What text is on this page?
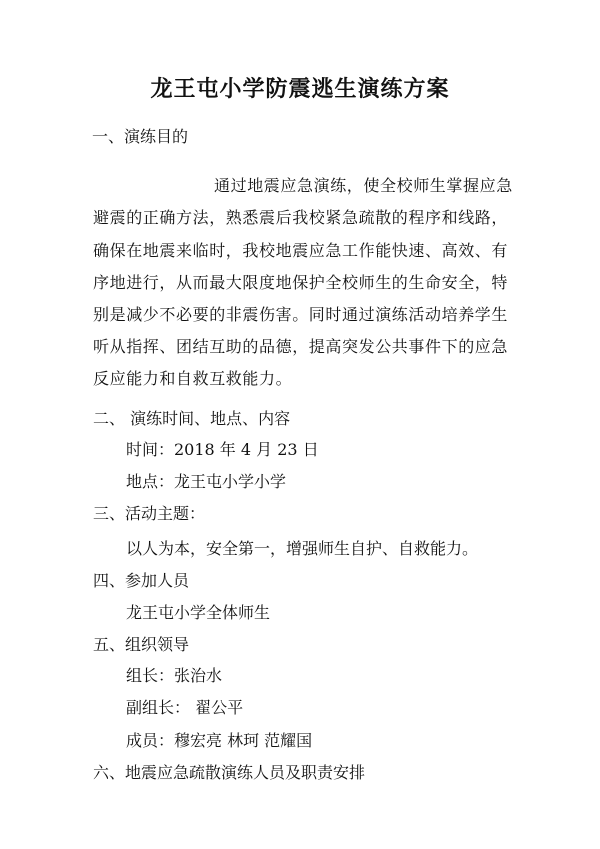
龙王屯小学防震逃生演练方案
一、演练目的
通过地震应急演练，使全校师生掌握应急
避震的正确方法，熟悉震后我校紧急疏散的程序和线路，
确保在地震来临时，我校地震应急工作能快速、高效、有
序地进行，从而最大限度地保护全校师生的生命安全，特
别是减少不必要的非震伤害。同时通过演练活动培养学生
听从指挥、团结互助的品德，提高突发公共事件下的应急
反应能力和自救互救能力。
二、 演练时间、地点、内容
时间：2018 年 4 月 23 日
地点：龙王屯小学小学
三、活动主题：
以人为本，安全第一，增强师生自护、自救能力。
四、参加人员
龙王屯小学全体师生
五、组织领导
组长：张治水
副组长： 翟公平
成员：穆宏亮 林珂 范耀国
六、地震应急疏散演练人员及职责安排
